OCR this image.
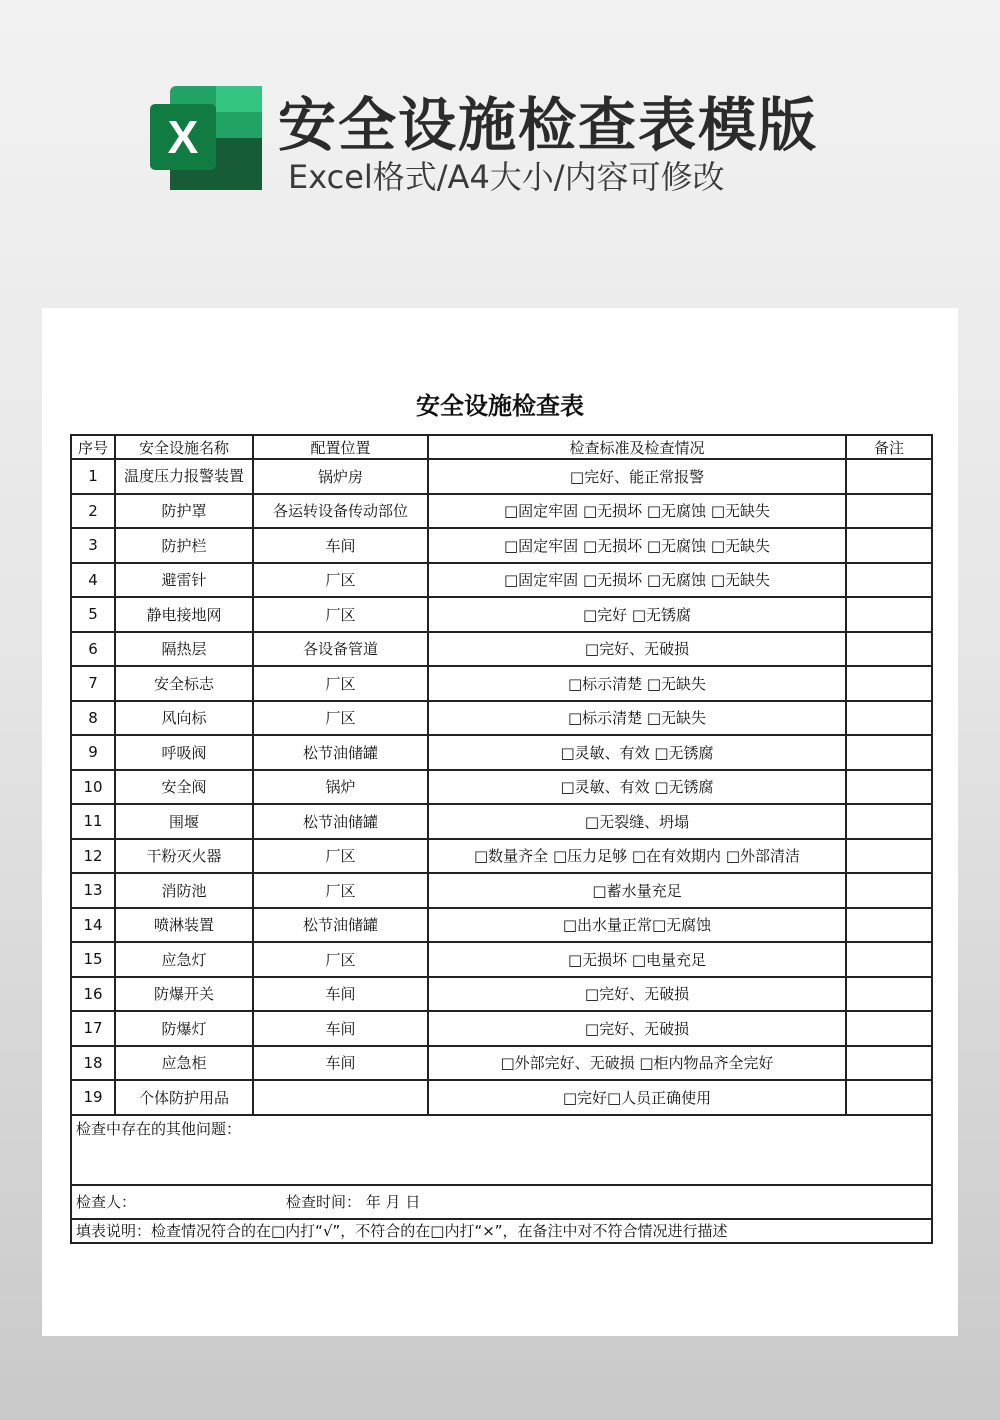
X 安全设施检查表模版
Excel格式/A4大小/内容可修改
安全设施检查表
序号	安全设施名称	配置位置	检查标准及检查情况	备注
1	温度压力报警装置	锅炉房	□完好、能正常报警	
2	防护罩	各运转设备传动部位	□固定牢固 □无损坏 □无腐蚀 □无缺失	
3	防护栏	车间	□固定牢固 □无损坏 □无腐蚀 □无缺失	
4	避雷针	厂区	□固定牢固 □无损坏 □无腐蚀 □无缺失	
5	静电接地网	厂区	□完好 □无锈腐	
6	隔热层	各设备管道	□完好、无破损	
7	安全标志	厂区	□标示清楚 □无缺失	
8	风向标	厂区	□标示清楚 □无缺失	
9	呼吸阀	松节油储罐	□灵敏、有效 □无锈腐	
10	安全阀	锅炉	□灵敏、有效 □无锈腐	
11	围堰	松节油储罐	□无裂缝、坍塌	
12	干粉灭火器	厂区	□数量齐全 □压力足够 □在有效期内 □外部清洁	
13	消防池	厂区	□蓄水量充足	
14	喷淋装置	松节油储罐	□出水量正常□无腐蚀	
15	应急灯	厂区	□无损坏 □电量充足	
16	防爆开关	车间	□完好、无破损	
17	防爆灯	车间	□完好、无破损	
18	应急柜	车间	□外部完好、无破损 □柜内物品齐全完好	
19	个体防护用品		□完好□人员正确使用	
检查中存在的其他问题：				
检查人： 检查时间： 年 月 日				
填表说明：检查情况符合的在□内打“√”，不符合的在□内打“×”，在备注中对不符合情况进行描述				
